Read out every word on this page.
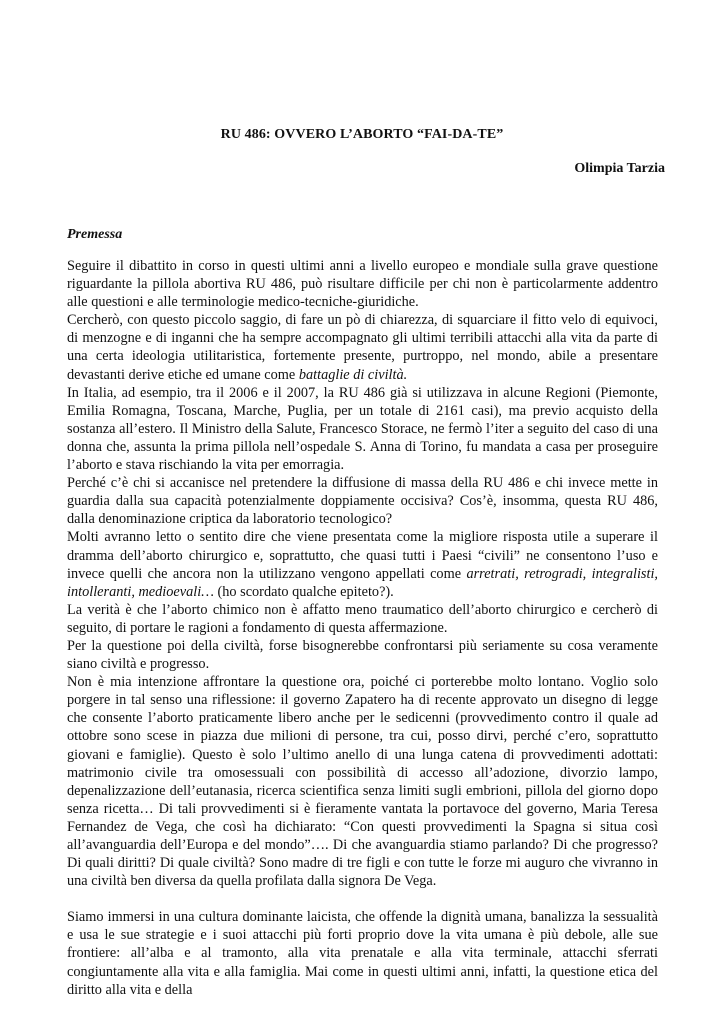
RU 486: OVVERO L’ABORTO “FAI-DA-TE”
Olimpia Tarzia
Premessa

Seguire il dibattito in corso in questi ultimi anni a livello europeo e mondiale sulla grave questione riguardante la pillola abortiva RU 486, può risultare difficile per chi non è particolarmente addentro alle questioni e alle terminologie medico-tecniche-giuridiche.

Cercherò, con questo piccolo saggio, di fare un pò di chiarezza, di squarciare il fitto velo di equivoci, di menzogne e di inganni che ha sempre accompagnato gli ultimi terribili attacchi alla vita da parte di una certa ideologia utilitaristica, fortemente presente, purtroppo, nel mondo, abile a presentare devastanti derive etiche ed umane come battaglie di civiltà.

In Italia, ad esempio, tra il 2006 e il 2007, la RU 486 già si utilizzava in alcune Regioni (Piemonte, Emilia Romagna, Toscana, Marche, Puglia, per un totale di 2161 casi), ma previo acquisto della sostanza all’estero. Il Ministro della Salute, Francesco Storace, ne fermò l’iter a seguito del caso di una donna che, assunta la prima pillola nell’ospedale S. Anna di Torino, fu mandata a casa per proseguire l’aborto e stava rischiando la vita per emorragia.

Perché c’è chi si accanisce nel pretendere la diffusione di massa della RU 486 e chi invece mette in guardia dalla sua capacità potenzialmente doppiamente occisiva? Cos’è, insomma, questa RU 486, dalla denominazione criptica da laboratorio tecnologico?

Molti avranno letto o sentito dire che viene presentata come la migliore risposta utile a superare il dramma dell’aborto chirurgico e, soprattutto, che quasi tutti i Paesi “civili” ne consentono l’uso e invece quelli che ancora non la utilizzano vengono appellati come arretrati, retrogradi, integralisti, intolleranti, medioevali… (ho scordato qualche epiteto?).

La verità è che l’aborto chimico non è affatto meno traumatico dell’aborto chirurgico e cercherò di seguito, di portare le ragioni a fondamento di questa affermazione.

Per la questione poi della civiltà, forse bisognerebbe confrontarsi più seriamente su cosa veramente siano civiltà e progresso.

Non è mia intenzione affrontare la questione ora, poiché ci porterebbe molto lontano. Voglio solo porgere in tal senso una riflessione: il governo Zapatero ha di recente approvato un disegno di legge che consente l’aborto praticamente libero anche per le sedicenni (provvedimento contro il quale ad ottobre sono scese in piazza due milioni di persone, tra cui, posso dirvi, perché c’ero, soprattutto giovani e famiglie). Questo è solo l’ultimo anello di una lunga catena di provvedimenti adottati: matrimonio civile tra omosessuali con possibilità di accesso all’adozione, divorzio lampo, depenalizzazione dell’eutanasia, ricerca scientifica senza limiti sugli embrioni, pillola del giorno dopo senza ricetta… Di tali provvedimenti si è fieramente vantata la portavoce del governo, Maria Teresa Fernandez de Vega, che così ha dichiarato: “Con questi provvedimenti la Spagna si situa così all’avanguardia dell’Europa e del mondo”…. Di che avanguardia stiamo parlando? Di che progresso? Di quali diritti? Di quale civiltà? Sono madre di tre figli e con tutte le forze mi auguro che vivranno in una civiltà ben diversa da quella profilata dalla signora De Vega.

Siamo immersi in una cultura dominante laicista, che offende la dignità umana, banalizza la sessualità e usa le sue strategie e i suoi attacchi più forti proprio dove la vita umana è più debole, alle sue frontiere: all’alba e al tramonto, alla vita prenatale e alla vita terminale, attacchi sferrati congiuntamente alla vita e alla famiglia. Mai come in questi ultimi anni, infatti, la questione etica del diritto alla vita e della
